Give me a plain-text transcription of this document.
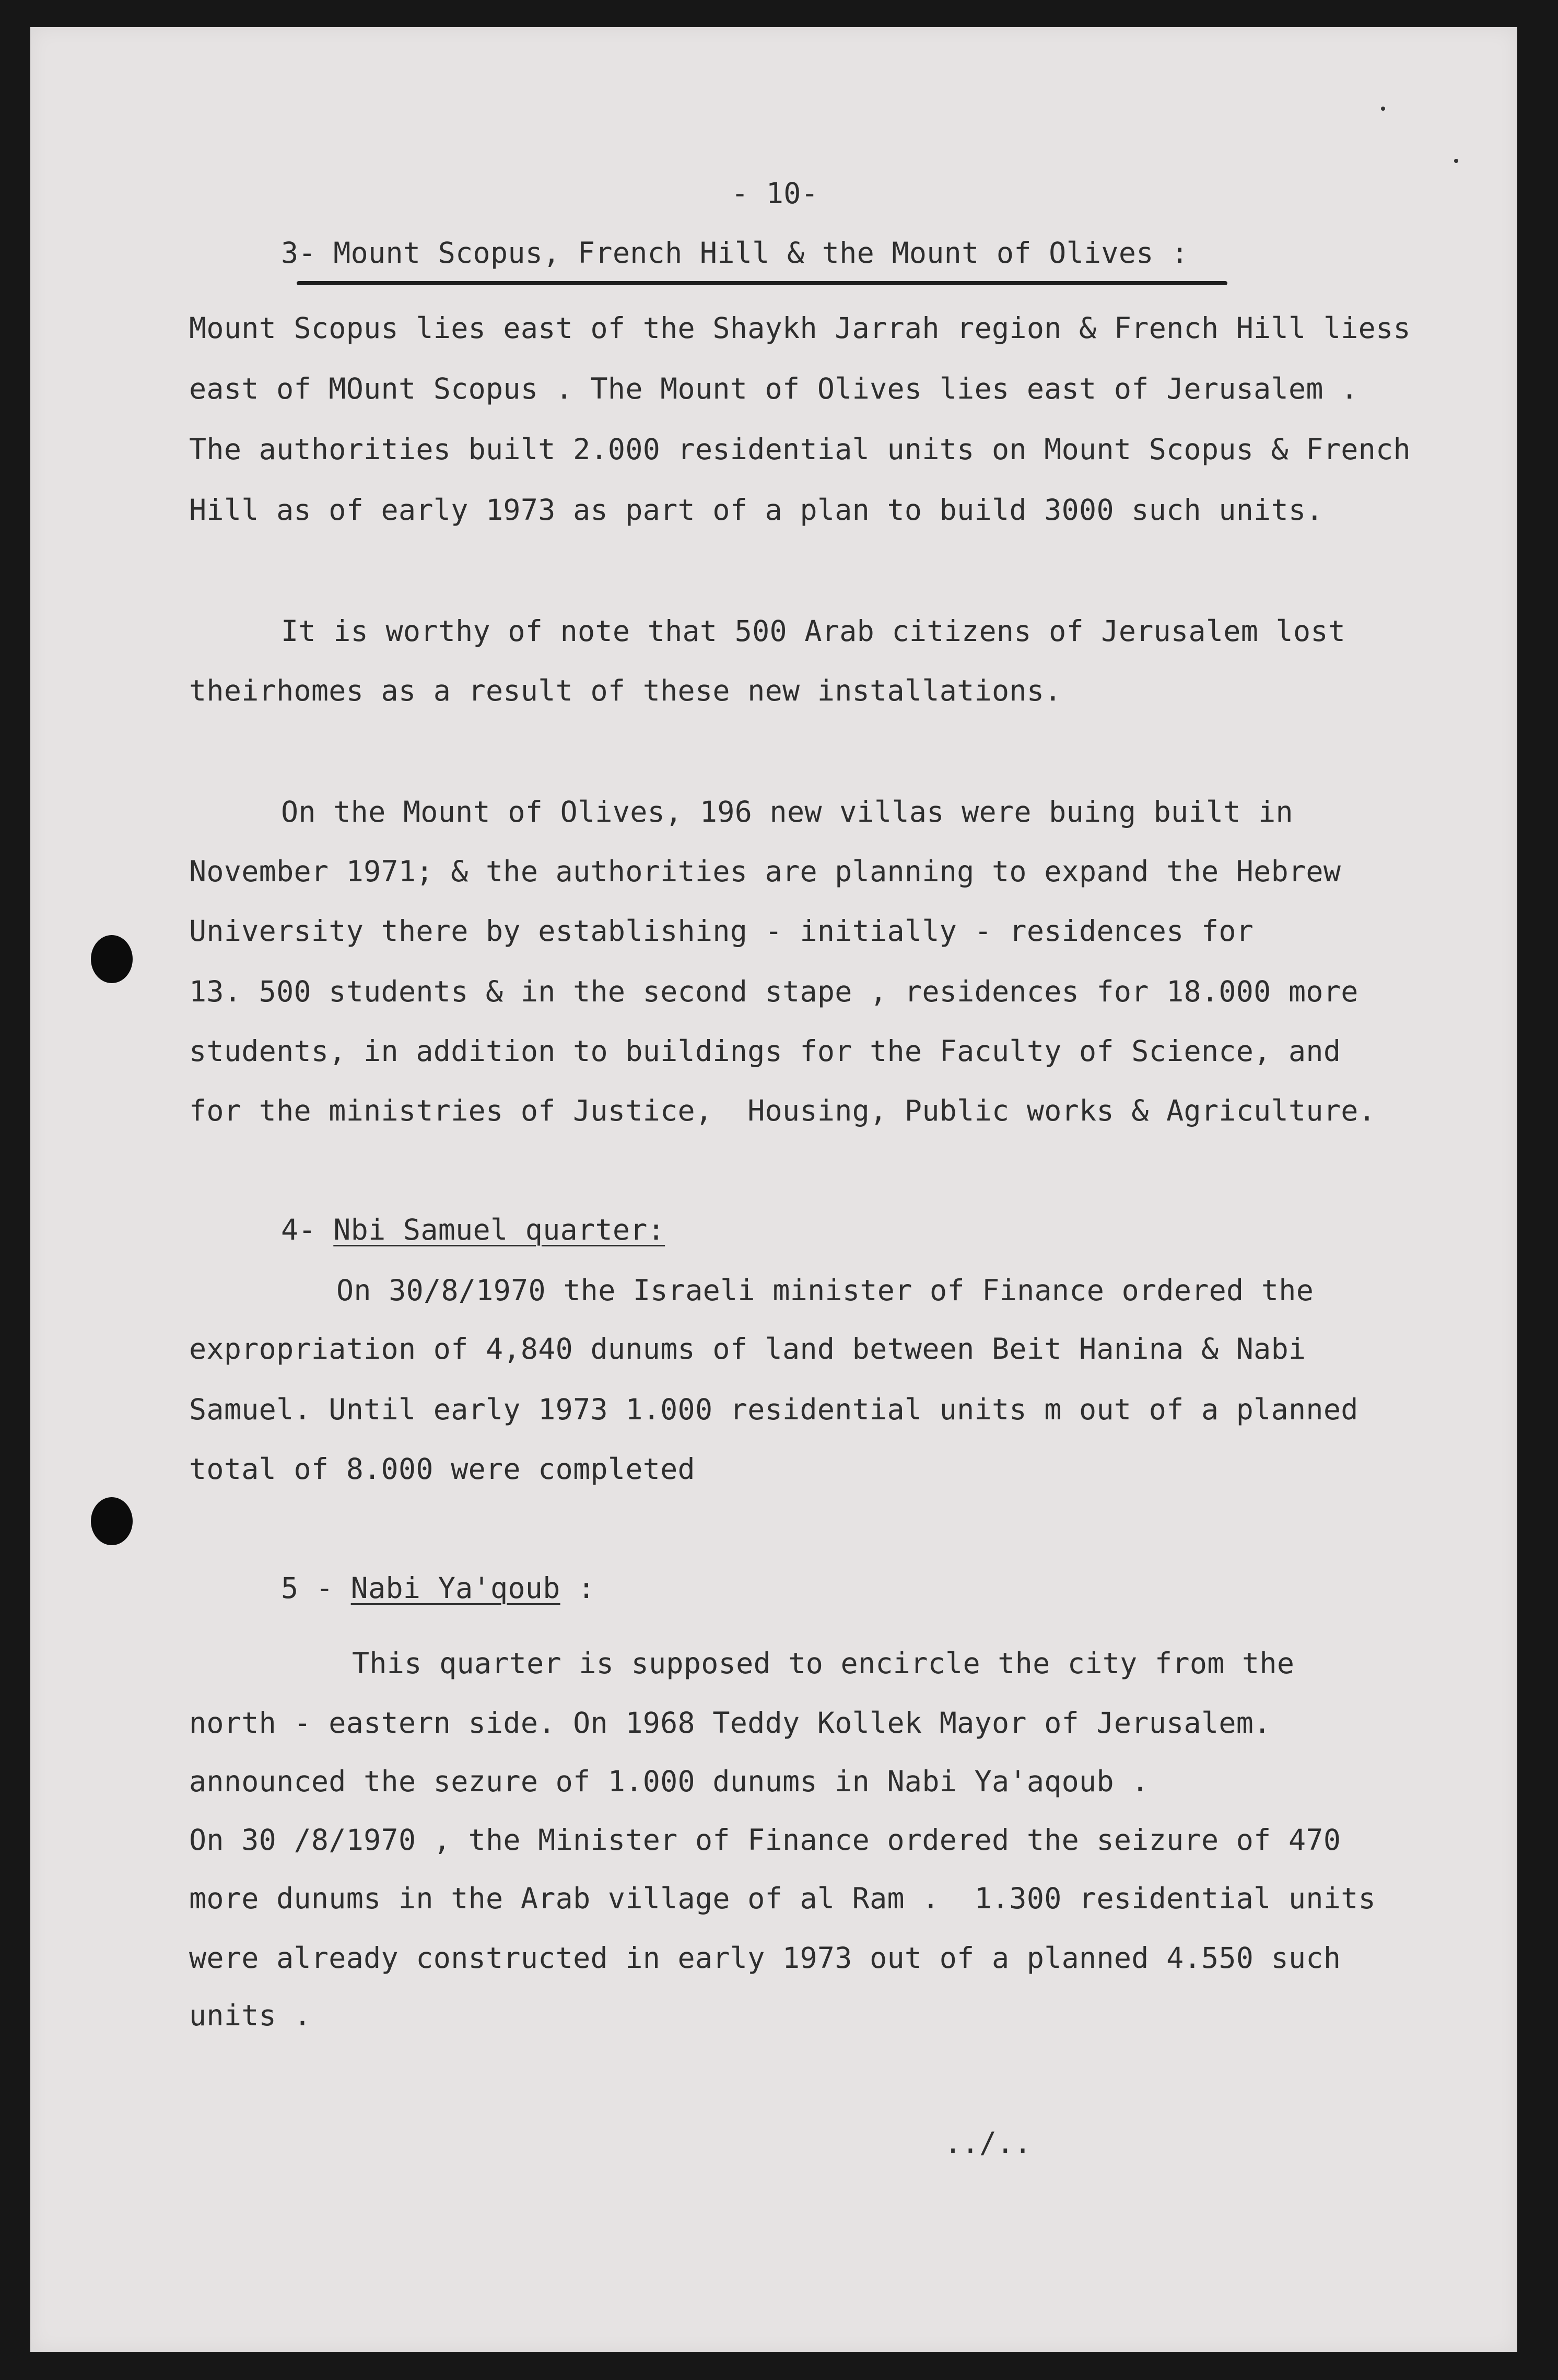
- 10-
3- Mount Scopus, French Hill & the Mount of Olives :
Mount Scopus lies east of the Shaykh Jarrah region & French Hill liess
east of MOunt Scopus . The Mount of Olives lies east of Jerusalem .
The authorities built 2.000 residential units on Mount Scopus & French
Hill as of early 1973 as part of a plan to build 3000 such units.
It is worthy of note that 500 Arab citizens of Jerusalem lost
theirhomes as a result of these new installations.
On the Mount of Olives, 196 new villas were buing built in
November 1971; & the authorities are planning to expand the Hebrew
University there by establishing - initially - residences for
13. 500 students & in the second stape , residences for 18.000 more
students, in addition to buildings for the Faculty of Science, and
for the ministries of Justice,  Housing, Public works & Agriculture.
4- Nbi Samuel quarter:
On 30/8/1970 the Israeli minister of Finance ordered the
expropriation of 4,840 dunums of land between Beit Hanina & Nabi
Samuel. Until early 1973 1.000 residential units m out of a planned
total of 8.000 were completed
5 - Nabi Ya'qoub :
This quarter is supposed to encircle the city from the
north - eastern side. On 1968 Teddy Kollek Mayor of Jerusalem.
announced the sezure of 1.000 dunums in Nabi Ya'aqoub .
On 30 /8/1970 , the Minister of Finance ordered the seizure of 470
more dunums in the Arab village of al Ram .  1.300 residential units
were already constructed in early 1973 out of a planned 4.550 such
units .
../..
